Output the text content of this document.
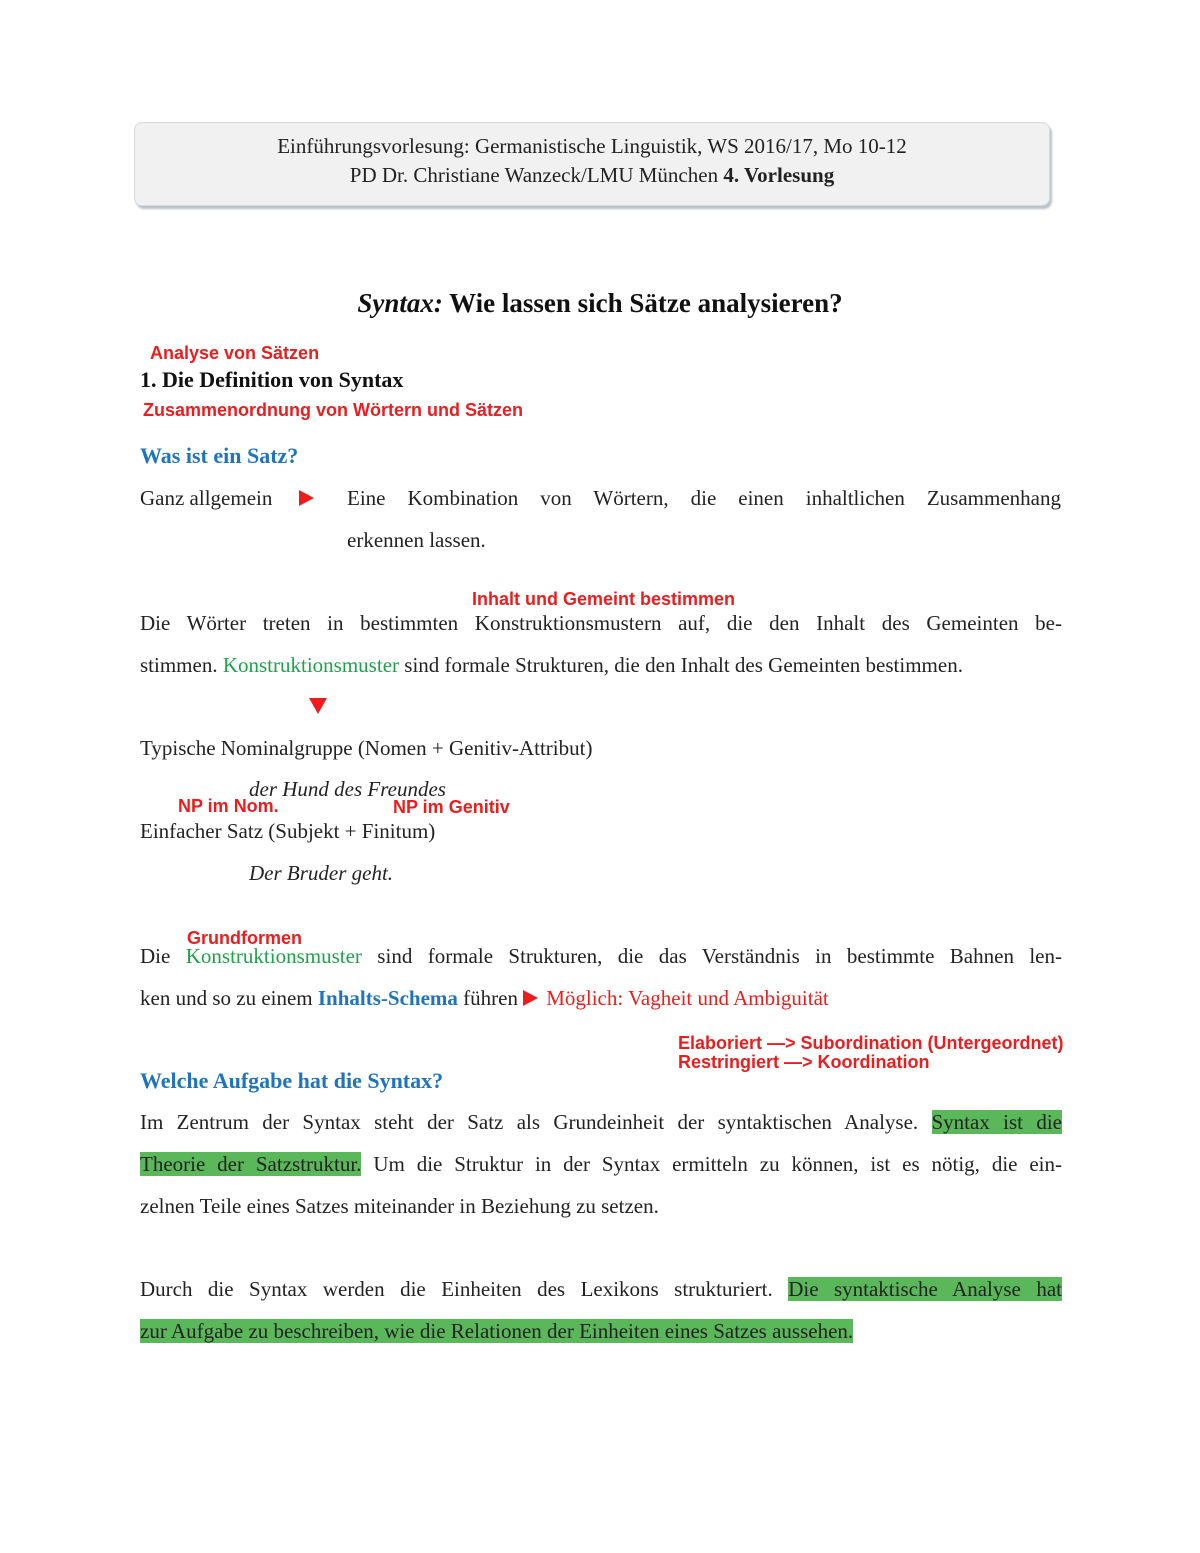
Einführungsvorlesung: Germanistische Linguistik, WS 2016/17, Mo 10-12
PD Dr. Christiane Wanzeck/LMU München 4. Vorlesung
Syntax: Wie lassen sich Sätze analysieren?
Analyse von Sätzen
1. Die Definition von Syntax
Zusammenordnung von Wörtern und Sätzen
Was ist ein Satz?
Ganz allgemein	Eine Kombination von Wörtern, die einen inhaltlichen Zusammenhang
erkennen lassen.
Inhalt und Gemeint bestimmen
Die Wörter treten in bestimmten Konstruktionsmustern auf, die den Inhalt des Gemeinten be-
stimmen. Konstruktionsmuster sind formale Strukturen, die den Inhalt des Gemeinten bestimmen.
Typische Nominalgruppe (Nomen + Genitiv-Attribut)
der Hund des Freundes
NP im Nom.	NP im Genitiv
Einfacher Satz (Subjekt + Finitum)
Der Bruder geht.
Grundformen
Die Konstruktionsmuster sind formale Strukturen, die das Verständnis in bestimmte Bahnen len-
ken und so zu einem Inhalts-Schema führen Möglich: Vagheit und Ambiguität
Elaboriert —> Subordination (Untergeordnet)
Restringiert —> Koordination
Welche Aufgabe hat die Syntax?
Im Zentrum der Syntax steht der Satz als Grundeinheit der syntaktischen Analyse. Syntax ist die
Theorie der Satzstruktur. Um die Struktur in der Syntax ermitteln zu können, ist es nötig, die ein-
zelnen Teile eines Satzes miteinander in Beziehung zu setzen.
Durch die Syntax werden die Einheiten des Lexikons strukturiert. Die syntaktische Analyse hat
zur Aufgabe zu beschreiben, wie die Relationen der Einheiten eines Satzes aussehen.
